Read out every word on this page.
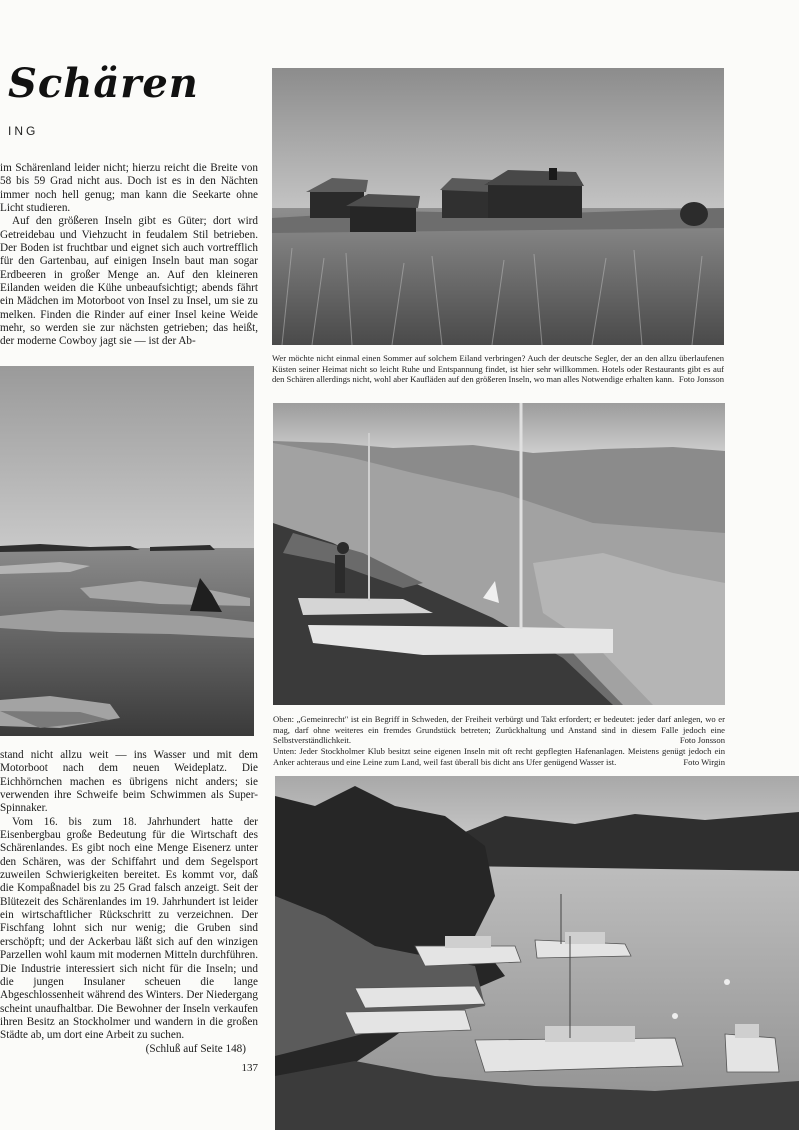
Schären
ING

im Schärenland leider nicht; hierzu reicht die Breite von 58 bis 59 Grad nicht aus. Doch ist es in den Nächten immer noch hell genug; man kann die Seekarte ohne Licht studieren.

Auf den größeren Inseln gibt es Güter; dort wird Getreidebau und Viehzucht in feudalem Stil betrieben. Der Boden ist fruchtbar und eignet sich auch vortrefflich für den Gartenbau, auf einigen Inseln baut man sogar Erdbeeren in großer Menge an. Auf den kleineren Eilanden weiden die Kühe unbeaufsichtigt; abends fährt ein Mädchen im Motorboot von Insel zu Insel, um sie zu melken. Finden die Rinder auf einer Insel keine Weide mehr, so werden sie zur nächsten getrieben; das heißt, der moderne Cowboy jagt sie — ist der Ab-

stand nicht allzu weit — ins Wasser und mit dem Motorboot nach dem neuen Weideplatz. Die Eichhörnchen machen es übrigens nicht anders; sie verwenden ihre Schweife beim Schwimmen als Super-Spinnaker.

Vom 16. bis zum 18. Jahrhundert hatte der Eisenbergbau große Bedeutung für die Wirtschaft des Schärenlandes. Es gibt noch eine Menge Eisenerz unter den Schären, was der Schiffahrt und dem Segelsport zuweilen Schwierigkeiten bereitet. Es kommt vor, daß die Kompaßnadel bis zu 25 Grad falsch anzeigt. Seit der Blütezeit des Schärenlandes im 19. Jahrhundert ist leider ein wirtschaftlicher Rückschritt zu verzeichnen. Der Fischfang lohnt sich nur wenig; die Gruben sind erschöpft; und der Ackerbau läßt sich auf den winzigen Parzellen wohl kaum mit modernen Mitteln durchführen. Die Industrie interessiert sich nicht für die Inseln; und die jungen Insulaner scheuen die lange Abgeschlossenheit während des Winters. Der Niedergang scheint unaufhaltbar. Die Bewohner der Inseln verkaufen ihren Besitz an Stockholmer und wandern in die großen Städte ab, um dort eine Arbeit zu suchen.

(Schluß auf Seite 148)
137
Wer möchte nicht einmal einen Sommer auf solchem Eiland verbringen? Auch der deutsche Segler, der an den allzu überlaufenen Küsten seiner Heimat nicht so leicht Ruhe und Entspannung findet, ist hier sehr willkommen. Hotels oder Restaurants gibt es auf den Schären allerdings nicht, wohl aber Kaufläden auf den größeren Inseln, wo man alles Notwendige erhalten kann. Foto Jonsson
Oben: „Gemeinrecht" ist ein Begriff in Schweden, der Freiheit verbürgt und Takt erfordert; er bedeutet: jeder darf anlegen, wo er mag, darf ohne weiteres ein fremdes Grundstück betreten; Zurückhaltung und Anstand sind in diesem Falle jedoch eine Selbstverständlichkeit.	Foto Jonsson
Unten: Jeder Stockholmer Klub besitzt seine eigenen Inseln mit oft recht gepflegten Hafenanlagen. Meistens genügt jedoch ein Anker achteraus und eine Leine zum Land, weil fast überall bis dicht ans Ufer genügend Wasser ist.	Foto Wirgin
